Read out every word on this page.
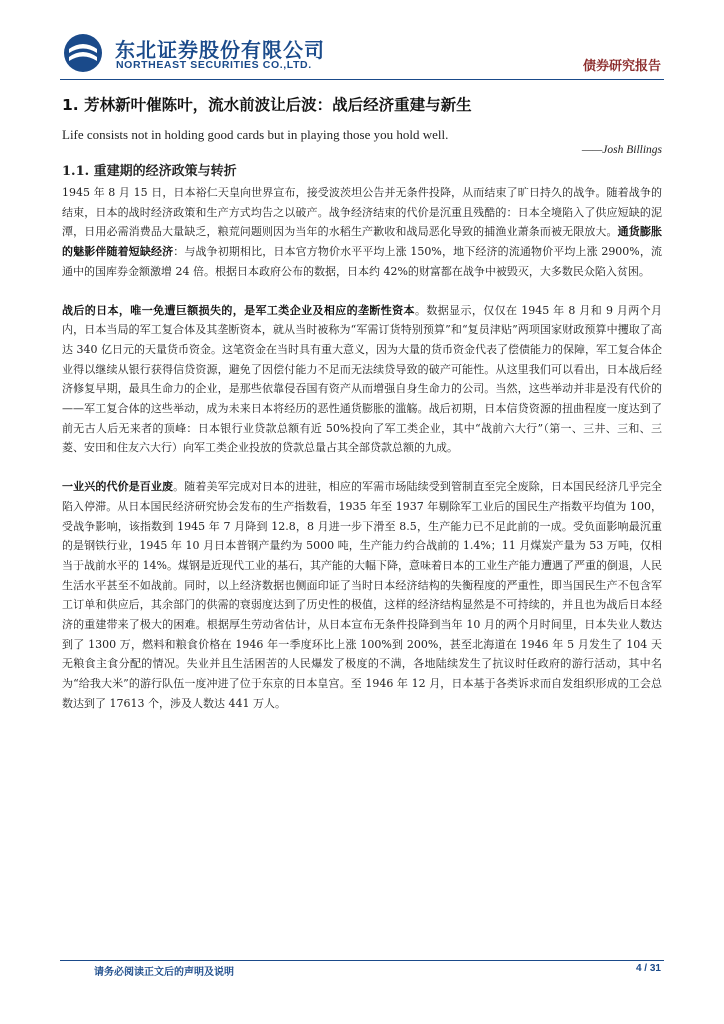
东北证券股份有限公司
NORTHEAST SECURITIES CO.,LTD.	债券研究报告
1. 芳林新叶催陈叶，流水前波让后波：战后经济重建与新生

Life consists not in holding good cards but in playing those you hold well.

——Josh Billings

1.1. 重建期的经济政策与转折

1945 年 8 月 15 日，日本裕仁天皇向世界宣布，接受波茨坦公告并无条件投降，从而结束了旷日持久的战争。随着战争的结束，日本的战时经济政策和生产方式均告之以破产。战争经济结束的代价是沉重且残酷的：日本全境陷入了供应短缺的泥潭，日用必需消费品大量缺乏，粮荒问题则因为当年的水稻生产歉收和战局恶化导致的捕渔业萧条而被无限放大。通货膨胀的魅影伴随着短缺经济：与战争初期相比，日本官方物价水平平均上涨 150%，地下经济的流通物价平均上涨 2900%，流通中的国库券金额激增 24 倍。根据日本政府公布的数据，日本约 42%的财富都在战争中被毁灭，大多数民众陷入贫困。

战后的日本，唯一免遭巨额损失的，是军工类企业及相应的垄断性资本。数据显示，仅仅在 1945 年 8 月和 9 月两个月内，日本当局的军工复合体及其垄断资本，就从当时被称为“军需订货特别预算”和“复员津贴”两项国家财政预算中攫取了高达 340 亿日元的天量货币资金。这笔资金在当时具有重大意义，因为大量的货币资金代表了偿债能力的保障，军工复合体企业得以继续从银行获得信贷资源，避免了因偿付能力不足而无法续贷导致的破产可能性。从这里我们可以看出，日本战后经济修复早期，最具生命力的企业，是那些依靠侵吞国有资产从而增强自身生命力的公司。当然，这些举动并非是没有代价的——军工复合体的这些举动，成为未来日本将经历的恶性通货膨胀的滥觞。战后初期，日本信贷资源的扭曲程度一度达到了前无古人后无来者的顶峰：日本银行业贷款总额有近 50%投向了军工类企业，其中“战前六大行”（第一、三井、三和、三菱、安田和住友六大行）向军工类企业投放的贷款总量占其全部贷款总额的九成。

一业兴的代价是百业废。随着美军完成对日本的进驻，相应的军需市场陆续受到管制直至完全废除，日本国民经济几乎完全陷入停滞。从日本国民经济研究协会发布的生产指数看，1935 年至 1937 年剔除军工业后的国民生产指数平均值为 100，受战争影响，该指数到 1945 年 7 月降到 12.8，8 月进一步下滑至 8.5，生产能力已不足此前的一成。受负面影响最沉重的是钢铁行业，1945 年 10 月日本普钢产量约为 5000 吨，生产能力约合战前的 1.4%；11 月煤炭产量为 53 万吨，仅相当于战前水平的 14%。煤钢是近现代工业的基石，其产能的大幅下降，意味着日本的工业生产能力遭遇了严重的倒退，人民生活水平甚至不如战前。同时，以上经济数据也侧面印证了当时日本经济结构的失衡程度的严重性，即当国民生产不包含军工订单和供应后，其余部门的供需的衰弱度达到了历史性的极值，这样的经济结构显然是不可持续的，并且也为战后日本经济的重建带来了极大的困难。根据厚生劳动省估计，从日本宣布无条件投降到当年 10 月的两个月时间里，日本失业人数达到了 1300 万，燃料和粮食价格在 1946 年一季度环比上涨 100%到 200%，甚至北海道在 1946 年 5 月发生了 104 天无粮食主食分配的情况。失业并且生活困苦的人民爆发了极度的不满，各地陆续发生了抗议时任政府的游行活动，其中名为“给我大米”的游行队伍一度冲进了位于东京的日本皇宫。至 1946 年 12 月，日本基于各类诉求而自发组织形成的工会总数达到了 17613 个，涉及人数达 441 万人。

请务必阅读正文后的声明及说明	4 / 31
